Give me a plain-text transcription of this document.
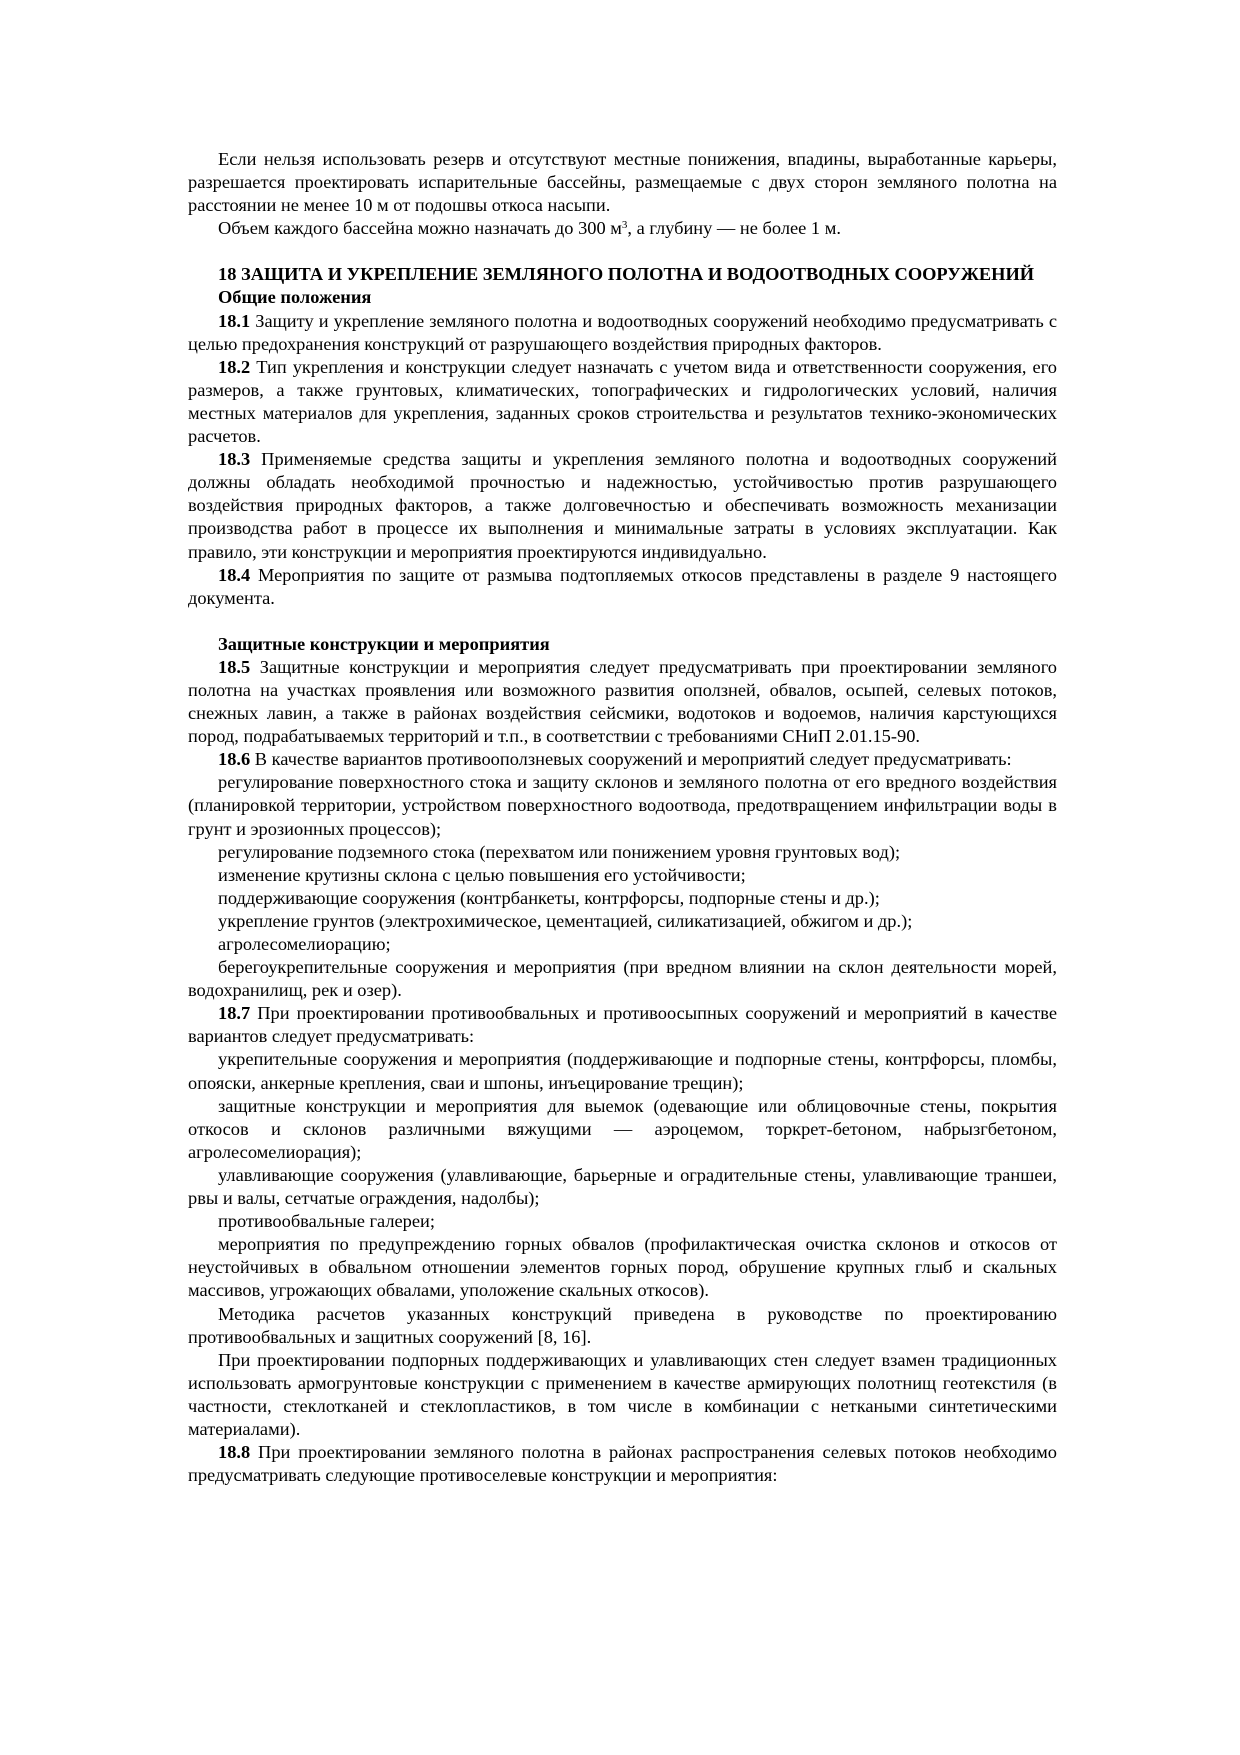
Если нельзя использовать резерв и отсутствуют местные понижения, впадины, выработанные карьеры, разрешается проектировать испарительные бассейны, размещаемые с двух сторон земляного полотна на расстоянии не менее 10 м от подошвы откоса насыпи.

Объем каждого бассейна можно назначать до 300 $м^3$, а глубину — не более 1 м.

18 ЗАЩИТА И УКРЕПЛЕНИЕ ЗЕМЛЯНОГО ПОЛОТНА И ВОДООТВОДНЫХ СООРУЖЕНИЙ

Общие положения

18.1 Защиту и укрепление земляного полотна и водоотводных сооружений необходимо предусматривать с целью предохранения конструкций от разрушающего воздействия природных факторов.

18.2 Тип укрепления и конструкции следует назначать с учетом вида и ответственности сооружения, его размеров, а также грунтовых, климатических, топографических и гидрологических условий, наличия местных материалов для укрепления, заданных сроков строительства и результатов технико-экономических расчетов.

18.3 Применяемые средства защиты и укрепления земляного полотна и водоотводных сооружений должны обладать необходимой прочностью и надежностью, устойчивостью против разрушающего воздействия природных факторов, а также долговечностью и обеспечивать возможность механизации производства работ в процессе их выполнения и минимальные затраты в условиях эксплуатации. Как правило, эти конструкции и мероприятия проектируются индивидуально.

18.4 Мероприятия по защите от размыва подтопляемых откосов представлены в разделе 9 настоящего документа.

Защитные конструкции и мероприятия

18.5 Защитные конструкции и мероприятия следует предусматривать при проектировании земляного полотна на участках проявления или возможного развития оползней, обвалов, осыпей, селевых потоков, снежных лавин, а также в районах воздействия сейсмики, водотоков и водоемов, наличия карстующихся пород, подрабатываемых территорий и т.п., в соответствии с требованиями СНиП 2.01.15-90.

18.6 В качестве вариантов противооползневых сооружений и мероприятий следует предусматривать:

регулирование поверхностного стока и защиту склонов и земляного полотна от его вредного воздействия (планировкой территории, устройством поверхностного водоотвода, предотвращением инфильтрации воды в грунт и эрозионных процессов);

регулирование подземного стока (перехватом или понижением уровня грунтовых вод);

изменение крутизны склона с целью повышения его устойчивости;

поддерживающие сооружения (контрбанкеты, контрфорсы, подпорные стены и др.);

укрепление грунтов (электрохимическое, цементацией, силикатизацией, обжигом и др.);

агролесомелиорацию;

берегоукрепительные сооружения и мероприятия (при вредном влиянии на склон деятельности морей, водохранилищ, рек и озер).

18.7 При проектировании противообвальных и противоосыпных сооружений и мероприятий в качестве вариантов следует предусматривать:

укрепительные сооружения и мероприятия (поддерживающие и подпорные стены, контрфорсы, пломбы, опояски, анкерные крепления, сваи и шпоны, инъецирование трещин);

защитные конструкции и мероприятия для выемок (одевающие или облицовочные стены, покрытия откосов и склонов различными вяжущими — аэроцемом, торкрет-бетоном, набрызгбетоном, агролесомелиорация);

улавливающие сооружения (улавливающие, барьерные и оградительные стены, улавливающие траншеи, рвы и валы, сетчатые ограждения, надолбы);

противообвальные галереи;

мероприятия по предупреждению горных обвалов (профилактическая очистка склонов и откосов от неустойчивых в обвальном отношении элементов горных пород, обрушение крупных глыб и скальных массивов, угрожающих обвалами, уположение скальных откосов).

Методика расчетов указанных конструкций приведена в руководстве по проектированию противообвальных и защитных сооружений [8, 16].

При проектировании подпорных поддерживающих и улавливающих стен следует взамен традиционных использовать армогрунтовые конструкции с применением в качестве армирующих полотнищ геотекстиля (в частности, стеклотканей и стеклопластиков, в том числе в комбинации с неткаными синтетическими материалами).

18.8 При проектировании земляного полотна в районах распространения селевых потоков необходимо предусматривать следующие противоселевые конструкции и мероприятия:
